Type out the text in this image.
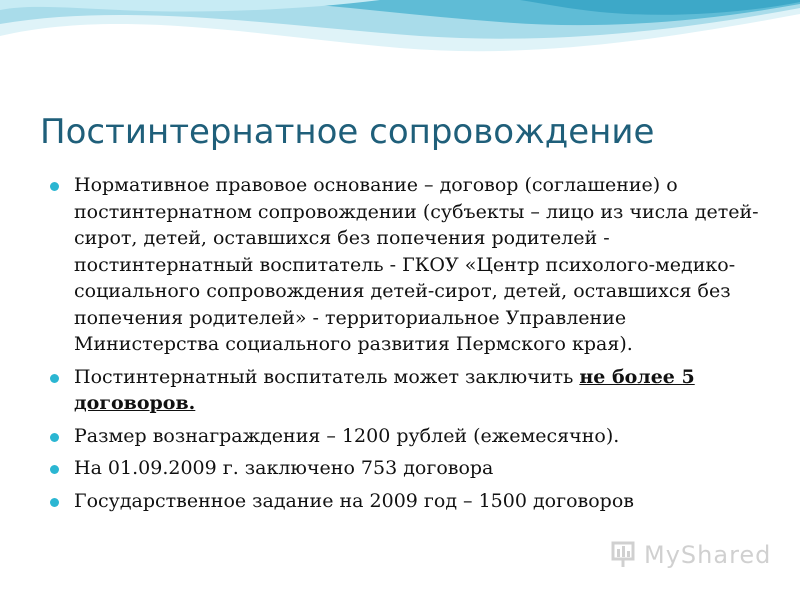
Постинтернатное сопровождение
Нормативное правовое основание – договор (соглашение) о постинтернатном сопровождении (субъекты – лицо из числа детей-сирот, детей, оставшихся без попечения родителей - постинтернатный воспитатель - ГКОУ «Центр психолого-медико-социального сопровождения детей-сирот, детей, оставшихся без попечения родителей» - территориальное Управление Министерства социального развития Пермского края).
Постинтернатный воспитатель может заключить не более 5 договоров.
Размер вознаграждения – 1200 рублей (ежемесячно).
На 01.09.2009 г. заключено 753 договора
Государственное задание на 2009 год – 1500 договоров
MyShared
